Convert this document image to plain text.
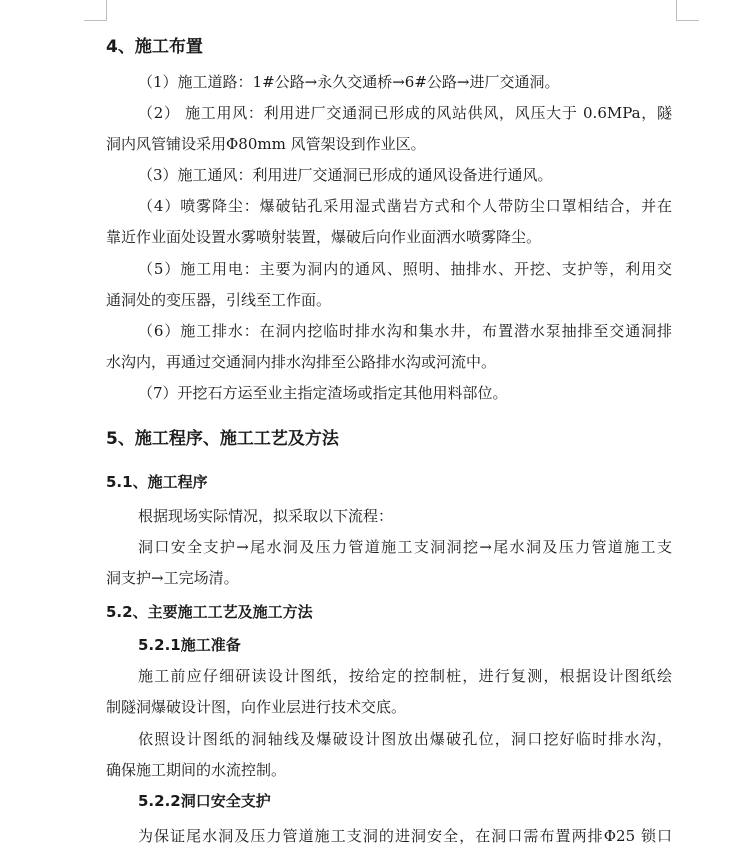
4、施工布置
（1）施工道路：1#公路→永久交通桥→6#公路→进厂交通洞。
（2） 施工用风：利用进厂交通洞已形成的风站供风，风压大于 0.6MPa，隧
洞内风管铺设采用Φ80mm 风管架设到作业区。
（3）施工通风：利用进厂交通洞已形成的通风设备进行通风。
（4）喷雾降尘：爆破钻孔采用湿式凿岩方式和个人带防尘口罩相结合，并在
靠近作业面处设置水雾喷射装置，爆破后向作业面洒水喷雾降尘。
（5）施工用电：主要为洞内的通风、照明、抽排水、开挖、支护等，利用交
通洞处的变压器，引线至工作面。
（6）施工排水：在洞内挖临时排水沟和集水井，布置潜水泵抽排至交通洞排
水沟内，再通过交通洞内排水沟排至公路排水沟或河流中。
（7）开挖石方运至业主指定渣场或指定其他用料部位。
5、施工程序、施工工艺及方法
5.1、施工程序
根据现场实际情况，拟采取以下流程：
洞口安全支护→尾水洞及压力管道施工支洞洞挖→尾水洞及压力管道施工支
洞支护→工完场清。
5.2、主要施工工艺及施工方法
5.2.1施工准备
施工前应仔细研读设计图纸，按给定的控制桩，进行复测，根据设计图纸绘
制隧洞爆破设计图，向作业层进行技术交底。
依照设计图纸的洞轴线及爆破设计图放出爆破孔位，洞口挖好临时排水沟，
确保施工期间的水流控制。
5.2.2洞口安全支护
为保证尾水洞及压力管道施工支洞的进洞安全，在洞口需布置两排Φ25 锁口
